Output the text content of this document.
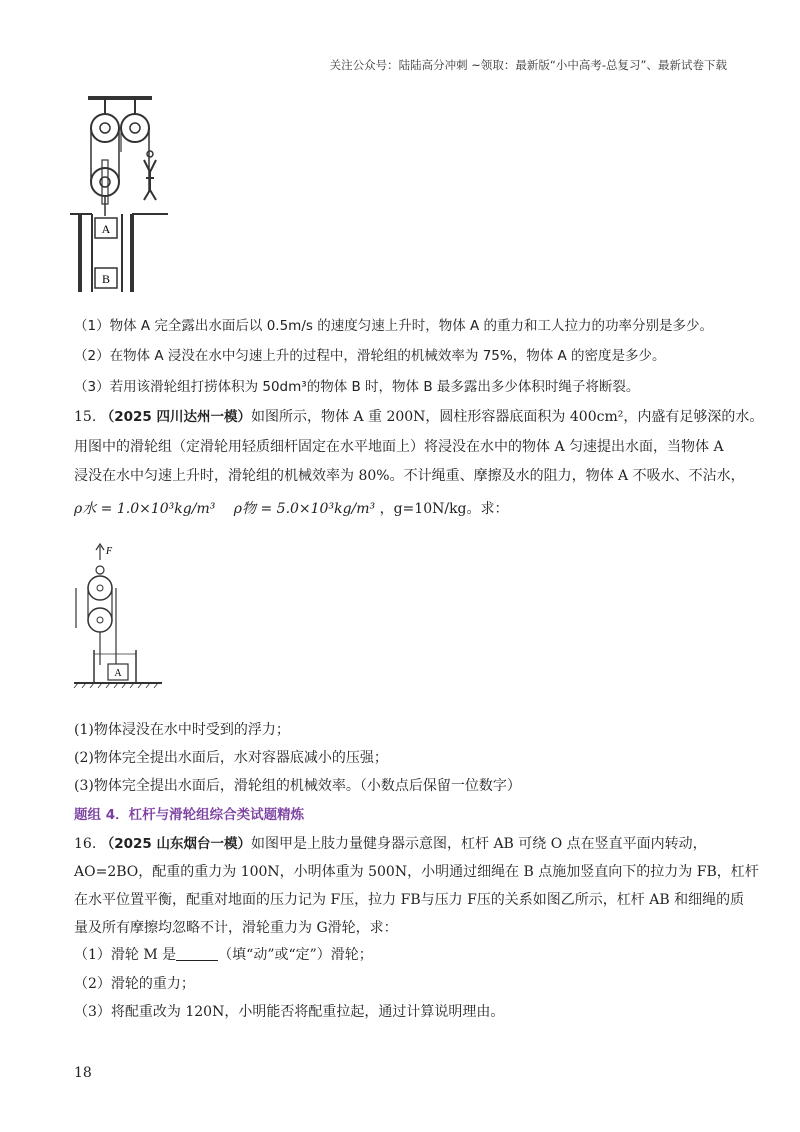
关注公众号：陆陆高分冲刺 ~领取：最新版“小中高考-总复习”、最新试卷下载
A
B
（1）物体 A 完全露出水面后以 0.5m/s 的速度匀速上升时，物体 A 的重力和工人拉力的功率分别是多少。
（2）在物体 A 浸没在水中匀速上升的过程中，滑轮组的机械效率为 75%，物体 A 的密度是多少。
（3）若用该滑轮组打捞体积为 50dm³的物体 B 时，物体 B 最多露出多少体积时绳子将断裂。
15. （2025 四川达州一模）如图所示，物体 A 重 200N，圆柱形容器底面积为 400cm²，内盛有足够深的水。
用图中的滑轮组（定滑轮用轻质细杆固定在水平地面上）将浸没在水中的物体 A 匀速提出水面，当物体 A
浸没在水中匀速上升时，滑轮组的机械效率为 80%。不计绳重、摩擦及水的阻力，物体 A 不吸水、不沾水，
ρ水 = 1.0×10³kg/m³ ρ物 = 5.0×10³kg/m³ ，g=10N/kg。求：
F
A
(1)物体浸没在水中时受到的浮力；
(2)物体完全提出水面后，水对容器底减小的压强；
(3)物体完全提出水面后，滑轮组的机械效率。（小数点后保留一位数字）
题组 4．杠杆与滑轮组综合类试题精炼
16. （2025 山东烟台一模）如图甲是上肢力量健身器示意图，杠杆 AB 可绕 O 点在竖直平面内转动，
AO=2BO，配重的重力为 100N，小明体重为 500N，小明通过细绳在 B 点施加竖直向下的拉力为 FB，杠杆
在水平位置平衡，配重对地面的压力记为 F压，拉力 FB与压力 F压的关系如图乙所示，杠杆 AB 和细绳的质
量及所有摩擦均忽略不计，滑轮重力为 G滑轮，求：
（1）滑轮 M 是	（填“动”或“定”）滑轮；
（2）滑轮的重力；
（3）将配重改为 120N，小明能否将配重拉起，通过计算说明理由。
18
